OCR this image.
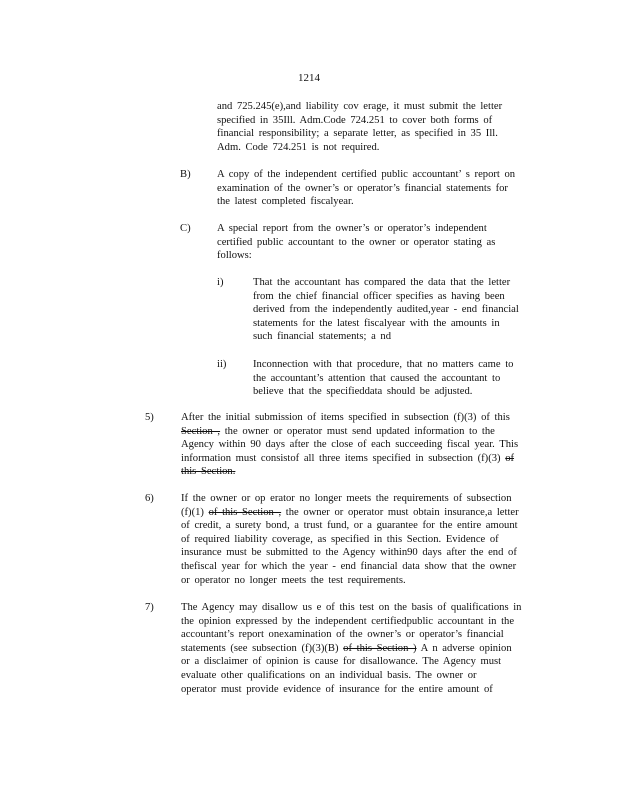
1214
and 725.245(e),and liability cov erage, it must submit the letter
specified in 35Ill. Adm.Code 724.251 to cover both forms of
financial responsibility; a separate letter, as specified in 35 Ill.
Adm. Code 724.251 is not required.
B) A copy of the independent certified public accountant’ s report on
examination of the owner’s or operator’s financial statements for
the latest completed fiscalyear.
C) A special report from the owner’s or operator’s independent
certified public accountant to the owner or operator stating as
follows:
i)	That the accountant has compared the data that the letter
from the chief financial officer specifies as having been
derived from the independently audited,year - end financial
statements for the latest fiscalyear with the amounts in
such financial statements; a nd
ii)	Inconnection with that procedure, that no matters came to
the accountant’s attention that caused the accountant to
believe that the specifieddata should be adjusted.
5)	After the initial submission of items specified in subsection (f)(3) of this
Section , the owner or operator must send updated information to the
Agency within 90 days after the close of each succeeding fiscal year. This
information must consistof all three items specified in subsection (f)(3) of
this Section.
6)	If the owner or op erator no longer meets the requirements of subsection
(f)(1) of this Section , the owner or operator must obtain insurance,a letter
of credit, a surety bond, a trust fund, or a guarantee for the entire amount
of required liability coverage, as specified in this Section. Evidence of
insurance must be submitted to the Agency within90 days after the end of
thefiscal year for which the year - end financial data show that the owner
or operator no longer meets the test requirements.
7)	The Agency may disallow us e of this test on the basis of qualifications in
the opinion expressed by the independent certifiedpublic accountant in the
accountant’s report onexamination of the owner’s or operator’s financial
statements (see subsection (f)(3)(B) of this Section ) A n adverse opinion
or a disclaimer of opinion is cause for disallowance. The Agency must
evaluate other qualifications on an individual basis. The owner or
operator must provide evidence of insurance for the entire amount of
